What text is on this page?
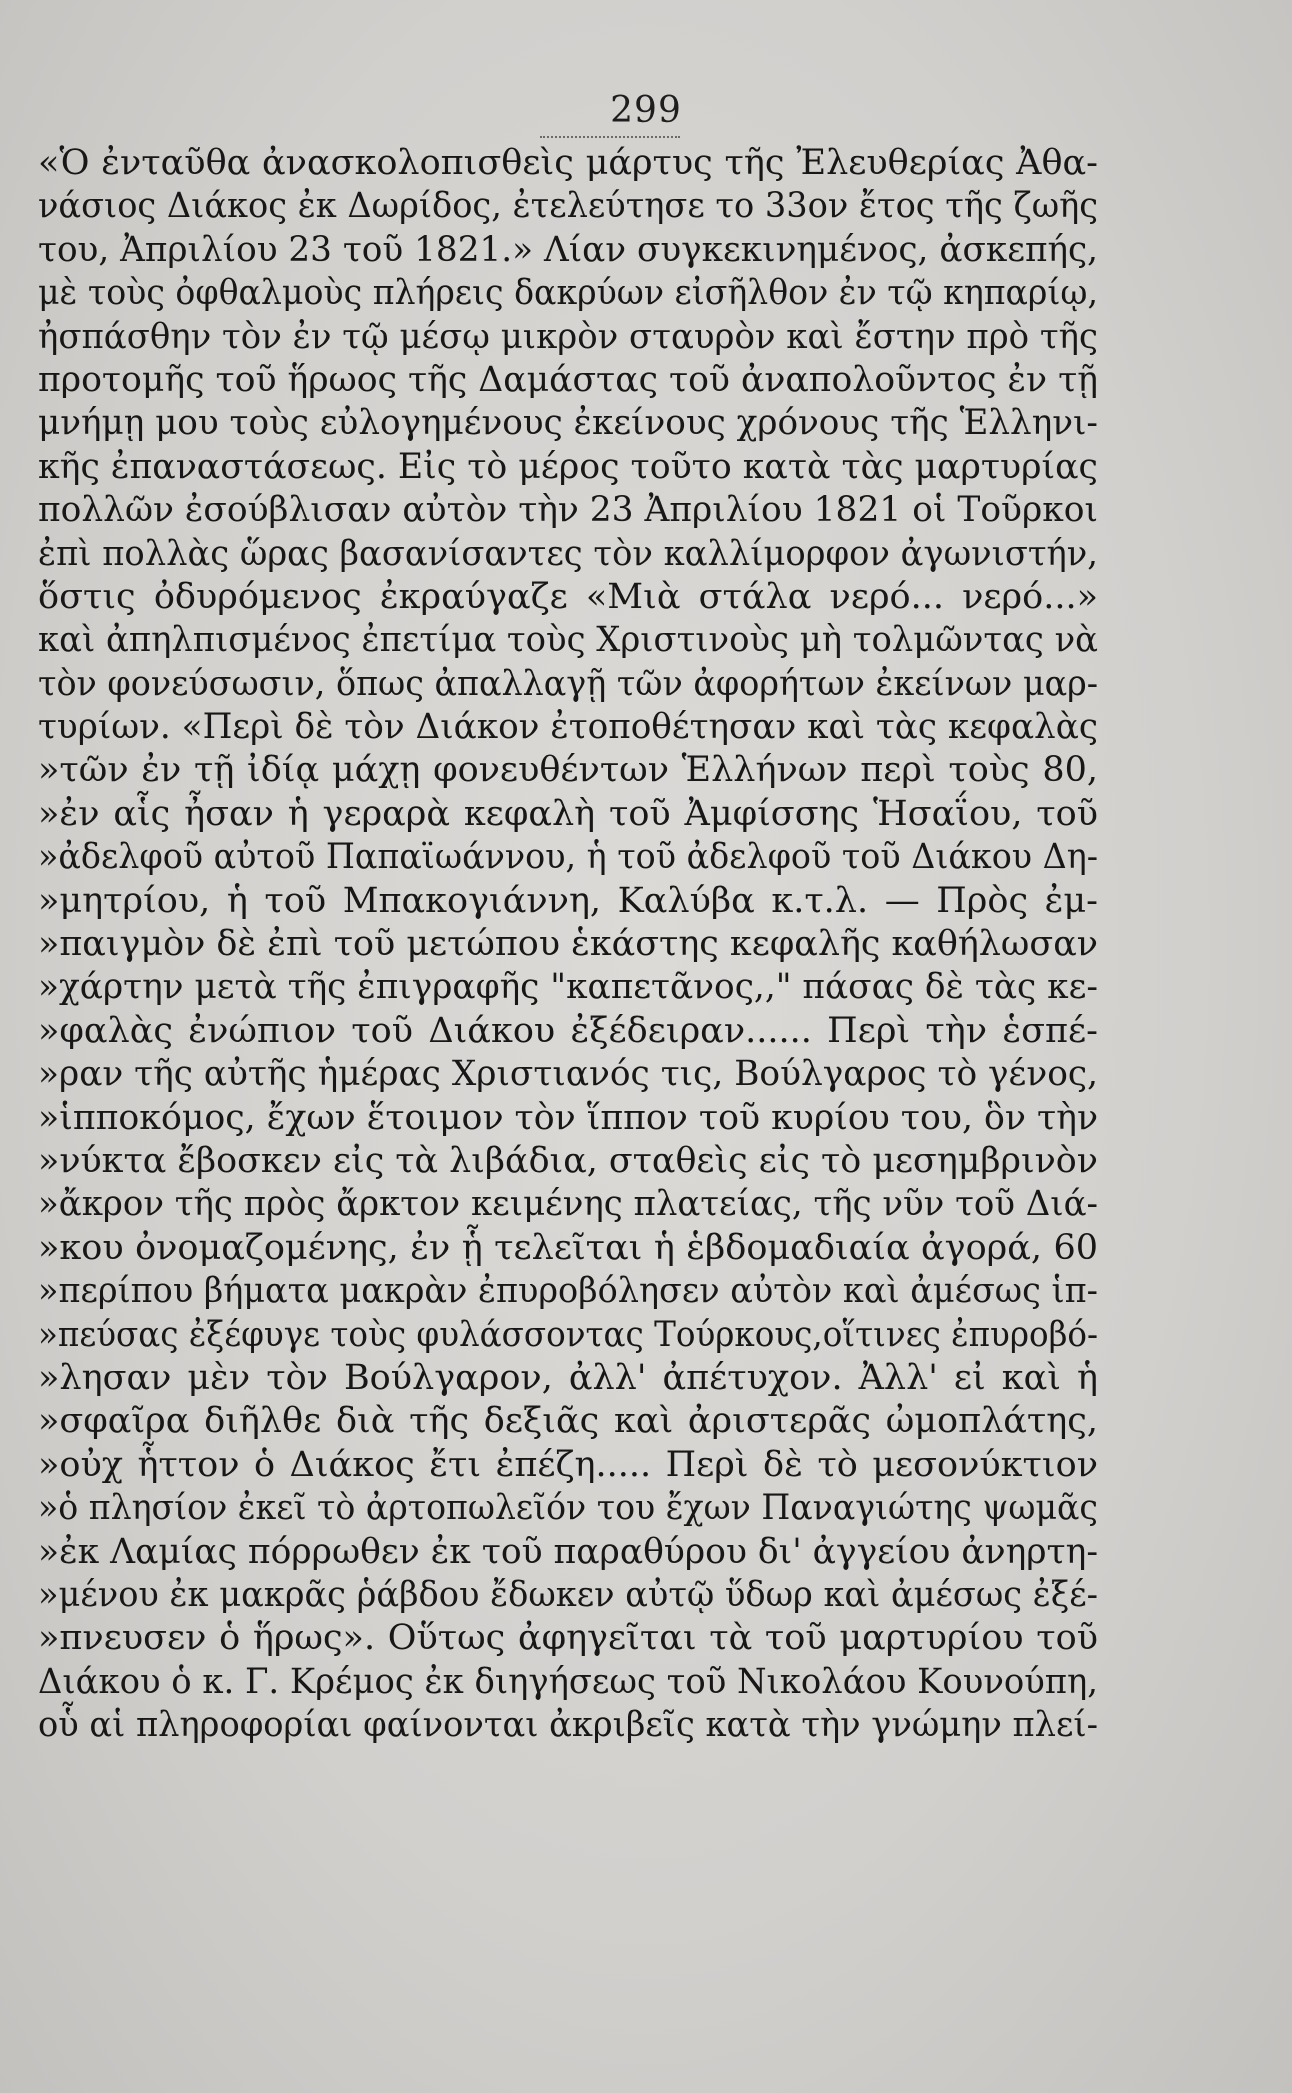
299
«Ὁ ἐνταῦθα ἀνασκολοπισθεὶς μάρτυς τῆς Ἐλευθερίας Ἀθα-
νάσιος Διάκος ἐκ Δωρίδος, ἐτελεύτησε το 33ον ἔτος τῆς ζωῆς
του, Ἀπριλίου 23 τοῦ 1821.» Λίαν συγκεκινημένος, ἀσκεπής,
μὲ τοὺς ὀφθαλμοὺς πλήρεις δακρύων εἰσῆλθον ἐν τῷ κηπαρίῳ,
ἠσπάσθην τὸν ἐν τῷ μέσῳ μικρὸν σταυρὸν καὶ ἔστην πρὸ τῆς
προτομῆς τοῦ ἥρωος τῆς Δαμάστας τοῦ ἀναπολοῦντος ἐν τῇ
μνήμῃ μου τοὺς εὐλογημένους ἐκείνους χρόνους τῆς Ἑλληνι-
κῆς ἐπαναστάσεως. Εἰς τὸ μέρος τοῦτο κατὰ τὰς μαρτυρίας
πολλῶν ἐσούβλισαν αὐτὸν τὴν 23 Ἀπριλίου 1821 οἱ Τοῦρκοι
ἐπὶ πολλὰς ὥρας βασανίσαντες τὸν καλλίμορφον ἀγωνιστήν,
ὅστις ὀδυρόμενος ἐκραύγαζε «Μιὰ στάλα νερό... νερό...»
καὶ ἀπηλπισμένος ἐπετίμα τοὺς Χριστινοὺς μὴ τολμῶντας νὰ
τὸν φονεύσωσιν, ὅπως ἀπαλλαγῇ τῶν ἀφορήτων ἐκείνων μαρ-
τυρίων. «Περὶ δὲ τὸν Διάκον ἐτοποθέτησαν καὶ τὰς κεφαλὰς
»τῶν ἐν τῇ ἰδίᾳ μάχῃ φονευθέντων Ἑλλήνων περὶ τοὺς 80,
»ἐν αἷς ἦσαν ἡ γεραρὰ κεφαλὴ τοῦ Ἀμφίσσης Ἡσαΐου, τοῦ
»ἀδελφοῦ αὐτοῦ Παπαϊωάννου, ἡ τοῦ ἀδελφοῦ τοῦ Διάκου Δη-
»μητρίου, ἡ τοῦ Μπακογιάννη, Καλύβα κ.τ.λ. — Πρὸς ἐμ-
»παιγμὸν δὲ ἐπὶ τοῦ μετώπου ἑκάστης κεφαλῆς καθήλωσαν
»χάρτην μετὰ τῆς ἐπιγραφῆς "καπετᾶνος,," πάσας δὲ τὰς κε-
»φαλὰς ἐνώπιον τοῦ Διάκου ἐξέδειραν...... Περὶ τὴν ἑσπέ-
»ραν τῆς αὐτῆς ἡμέρας Χριστιανός τις, Βούλγαρος τὸ γένος,
»ἱπποκόμος, ἔχων ἕτοιμον τὸν ἵππον τοῦ κυρίου του, ὃν τὴν
»νύκτα ἔβοσκεν εἰς τὰ λιβάδια, σταθεὶς εἰς τὸ μεσημβρινὸν
»ἄκρον τῆς πρὸς ἄρκτον κειμένης πλατείας, τῆς νῦν τοῦ Διά-
»κου ὀνομαζομένης, ἐν ᾗ τελεῖται ἡ ἑβδομαδιαία ἀγορά, 60
»περίπου βήματα μακρὰν ἐπυροβόλησεν αὐτὸν καὶ ἀμέσως ἱπ-
»πεύσας ἐξέφυγε τοὺς φυλάσσοντας Τούρκους,οἵτινες ἐπυροβό-
»λησαν μὲν τὸν Βούλγαρον, ἀλλ' ἀπέτυχον. Ἀλλ' εἰ καὶ ἡ
»σφαῖρα διῆλθε διὰ τῆς δεξιᾶς καὶ ἀριστερᾶς ὠμοπλάτης,
»οὐχ ἧττον ὁ Διάκος ἔτι ἐπέζη..... Περὶ δὲ τὸ μεσονύκτιον
»ὁ πλησίον ἐκεῖ τὸ ἀρτοπωλεῖόν του ἔχων Παναγιώτης ψωμᾶς
»ἐκ Λαμίας πόρρωθεν ἐκ τοῦ παραθύρου δι' ἀγγείου ἀνηρτη-
»μένου ἐκ μακρᾶς ῥάβδου ἔδωκεν αὐτῷ ὕδωρ καὶ ἀμέσως ἐξέ-
»πνευσεν ὁ ἥρως». Οὕτως ἀφηγεῖται τὰ τοῦ μαρτυρίου τοῦ
Διάκου ὁ κ. Γ. Κρέμος ἐκ διηγήσεως τοῦ Νικολάου Κουνούπη,
οὗ αἱ πληροφορίαι φαίνονται ἀκριβεῖς κατὰ τὴν γνώμην πλεί-
